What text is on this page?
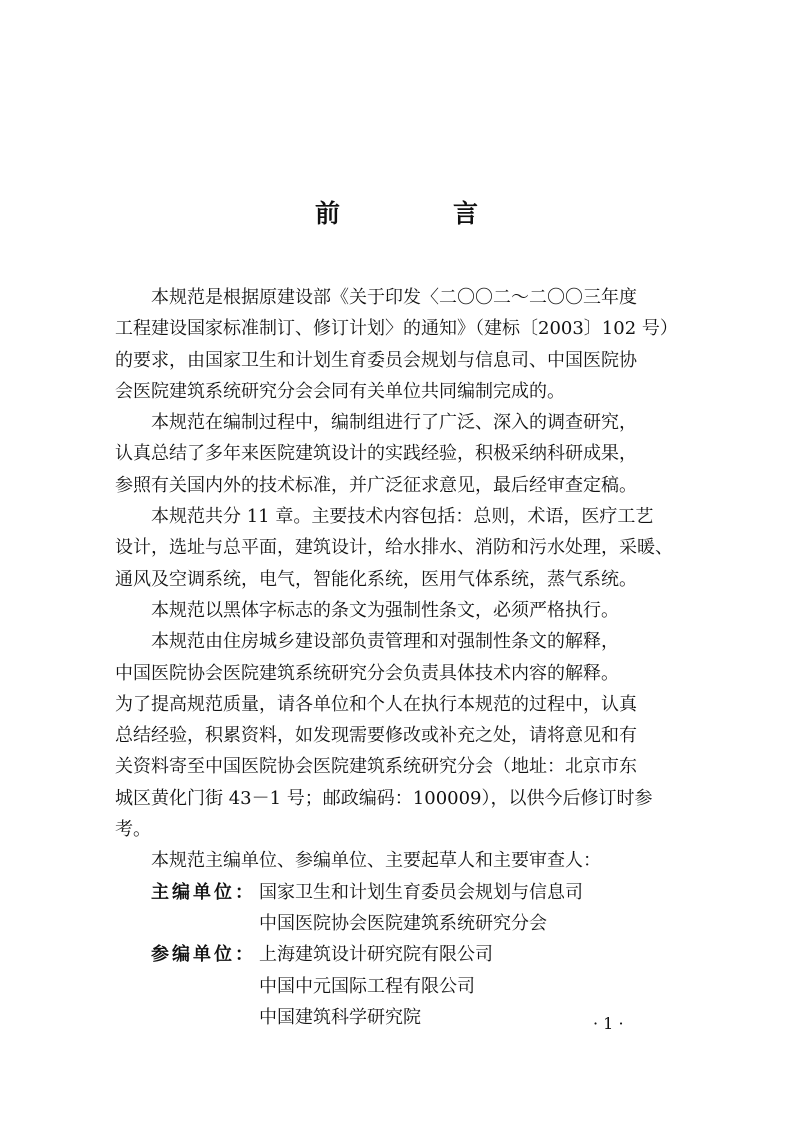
前　言
本规范是根据原建设部《关于印发〈二〇〇二～二〇〇三年度
工程建设国家标准制订、修订计划〉的通知》（建标〔2003〕102 号）
的要求，由国家卫生和计划生育委员会规划与信息司、中国医院协
会医院建筑系统研究分会会同有关单位共同编制完成的。
本规范在编制过程中，编制组进行了广泛、深入的调查研究，
认真总结了多年来医院建筑设计的实践经验，积极采纳科研成果，
参照有关国内外的技术标准，并广泛征求意见，最后经审查定稿。
本规范共分 11 章。主要技术内容包括：总则，术语，医疗工艺
设计，选址与总平面，建筑设计，给水排水、消防和污水处理，采暖、
通风及空调系统，电气，智能化系统，医用气体系统，蒸气系统。
本规范以黑体字标志的条文为强制性条文，必须严格执行。
本规范由住房城乡建设部负责管理和对强制性条文的解释，
中国医院协会医院建筑系统研究分会负责具体技术内容的解释。
为了提高规范质量，请各单位和个人在执行本规范的过程中，认真
总结经验，积累资料，如发现需要修改或补充之处，请将意见和有
关资料寄至中国医院协会医院建筑系统研究分会（地址：北京市东
城区黄化门街 43－1 号；邮政编码：100009），以供今后修订时参
考。

本规范主编单位、参编单位、主要起草人和主要审查人：

主编单位： 国家卫生和计划生育委员会规划与信息司
中国医院协会医院建筑系统研究分会
参编单位： 上海建筑设计研究院有限公司
中国中元国际工程有限公司
中国建筑科学研究院	· 1 ·
